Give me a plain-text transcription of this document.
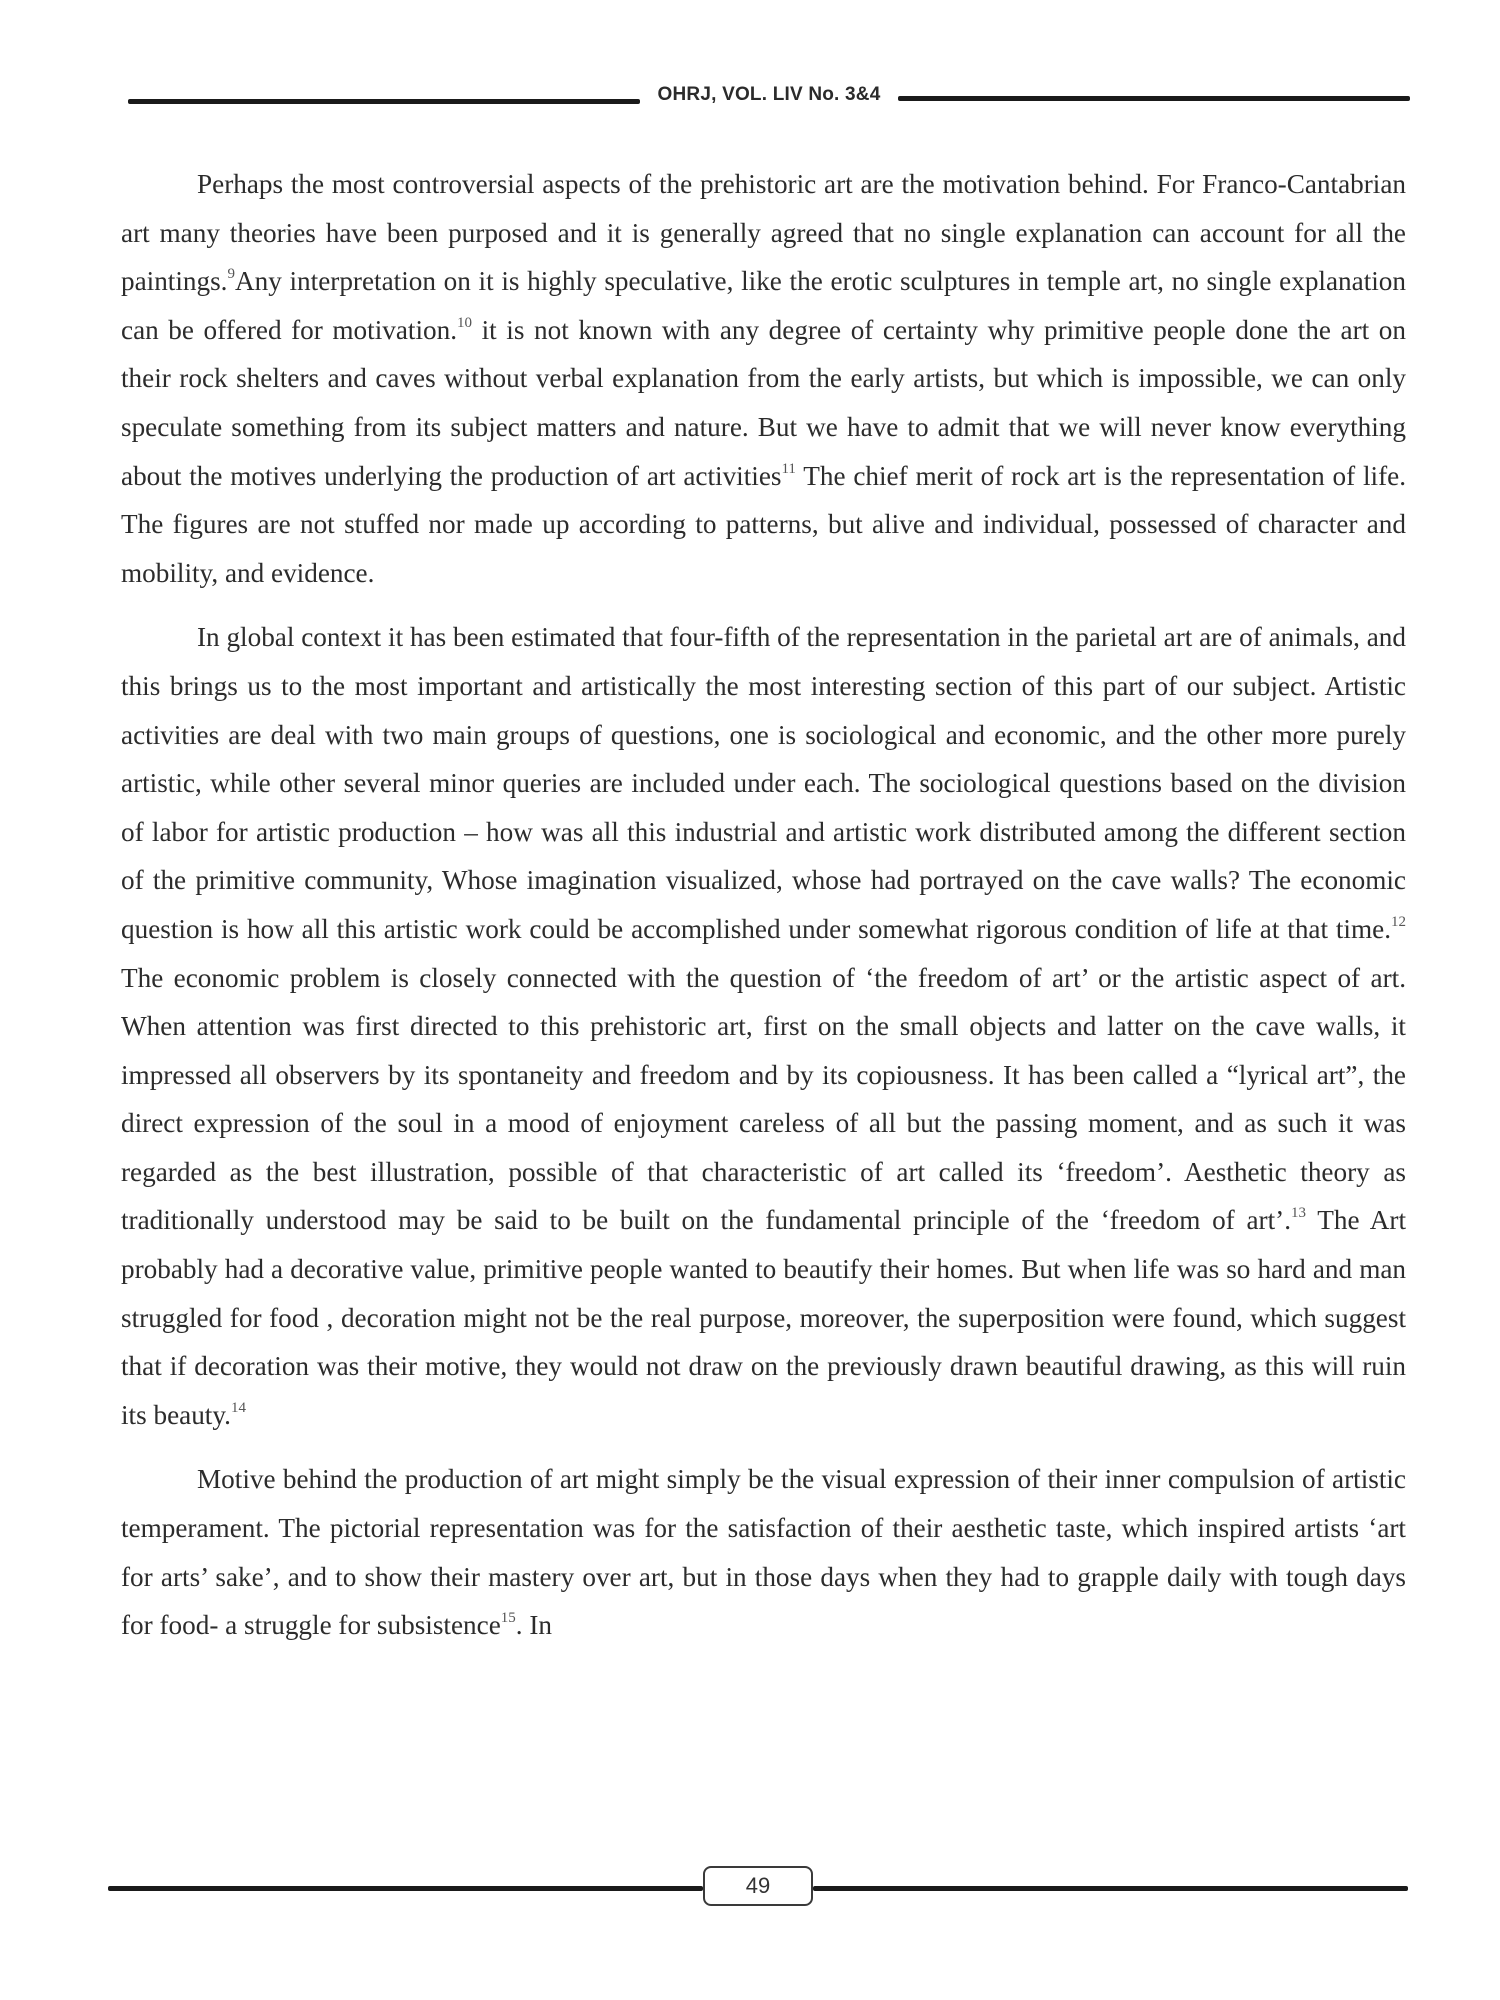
OHRJ, VOL. LIV No. 3&4

Perhaps the most controversial aspects of the prehistoric art are the motivation behind. For Franco-Cantabrian art many theories have been purposed and it is generally agreed that no single explanation can account for all the paintings.$^9$Any interpretation on it is highly speculative, like the erotic sculptures in temple art, no single explanation can be offered for motivation.$^{10}$ it is not known with any degree of certainty why primitive people done the art on their rock shelters and caves without verbal explanation from the early artists, but which is impossible, we can only speculate something from its subject matters and nature. But we have to admit that we will never know everything about the motives underlying the production of art activities$^{11}$ The chief merit of rock art is the representation of life. The figures are not stuffed nor made up according to patterns, but alive and individual, possessed of character and mobility, and evidence.

In global context it has been estimated that four-fifth of the representation in the parietal art are of animals, and this brings us to the most important and artistically the most interesting section of this part of our subject. Artistic activities are deal with two main groups of questions, one is sociological and economic, and the other more purely artistic, while other several minor queries are included under each. The sociological questions based on the division of labor for artistic production – how was all this industrial and artistic work distributed among the different section of the primitive community, Whose imagination visualized, whose had portrayed on the cave walls? The economic question is how all this artistic work could be accomplished under somewhat rigorous condition of life at that time.$^{12}$ The economic problem is closely connected with the question of ‘the freedom of art’ or the artistic aspect of art. When attention was first directed to this prehistoric art, first on the small objects and latter on the cave walls, it impressed all observers by its spontaneity and freedom and by its copiousness. It has been called a “lyrical art”, the direct expression of the soul in a mood of enjoyment careless of all but the passing moment, and as such it was regarded as the best illustration, possible of that characteristic of art called its ‘freedom’. Aesthetic theory as traditionally understood may be said to be built on the fundamental principle of the ‘freedom of art’.$^{13}$ The Art probably had a decorative value, primitive people wanted to beautify their homes. But when life was so hard and man struggled for food , decoration might not be the real purpose, moreover, the superposition were found, which suggest that if decoration was their motive, they would not draw on the previously drawn beautiful drawing, as this will ruin its beauty.$^{14}$

Motive behind the production of art might simply be the visual expression of their inner compulsion of artistic temperament. The pictorial representation was for the satisfaction of their aesthetic taste, which inspired artists ‘art for arts’ sake’, and to show their mastery over art, but in those days when they had to grapple daily with tough days for food- a struggle for subsistence$^{15}$. In

49
